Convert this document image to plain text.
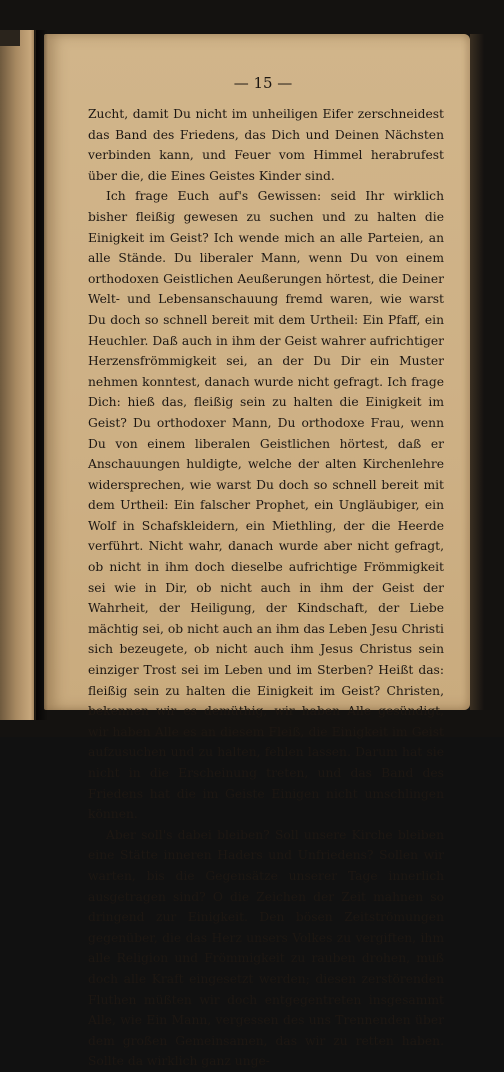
— 15 —

Zucht, damit Du nicht im unheiligen Eifer zerschneidest das Band des Friedens, das Dich und Deinen Nächsten verbinden kann, und Feuer vom Himmel herabrufest über die, die Eines Geistes Kinder sind.

Ich frage Euch auf's Gewissen: seid Ihr wirklich bisher fleißig gewesen zu suchen und zu halten die Einigkeit im Geist? Ich wende mich an alle Parteien, an alle Stände. Du liberaler Mann, wenn Du von einem orthodoxen Geistlichen Aeußerungen hörtest, die Deiner Welt- und Lebensanschauung fremd waren, wie warst Du doch so schnell bereit mit dem Urtheil: Ein Pfaff, ein Heuchler. Daß auch in ihm der Geist wahrer aufrichtiger Herzensfrömmigkeit sei, an der Du Dir ein Muster nehmen konntest, danach wurde nicht gefragt. Ich frage Dich: hieß das, fleißig sein zu halten die Einigkeit im Geist? Du orthodoxer Mann, Du orthodoxe Frau, wenn Du von einem liberalen Geistlichen hörtest, daß er Anschauungen huldigte, welche der alten Kirchenlehre widersprechen, wie warst Du doch so schnell bereit mit dem Urtheil: Ein falscher Prophet, ein Ungläubiger, ein Wolf in Schafskleidern, ein Miethling, der die Heerde verführt. Nicht wahr, danach wurde aber nicht gefragt, ob nicht in ihm doch dieselbe aufrichtige Frömmigkeit sei wie in Dir, ob nicht auch in ihm der Geist der Wahrheit, der Heiligung, der Kindschaft, der Liebe mächtig sei, ob nicht auch an ihm das Leben Jesu Christi sich bezeugete, ob nicht auch ihm Jesus Christus sein einziger Trost sei im Leben und im Sterben? Heißt das: fleißig sein zu halten die Einigkeit im Geist? Christen, bekennen wir es demüthig, wir haben Alle gesündigt, wir haben Alle es an diesem Fleiß, die Einigkeit im Geist aufzusuchen und zu halten, fehlen lassen. Darum hat sie nicht in die Erscheinung treten, und das Band des Friedens hat die im Geiste Einigen nicht umschlingen können.

Aber soll's dabei bleiben? Soll unsere Kirche bleiben eine Stätte inneren Haders und Unfriedens? Sollen wir warten, bis die Gegensätze unserer Tage innerlich ausgetragen sind? O die Zeichen der Zeit mahnen so dringend zur Einigkeit. Den bösen Zeitströmungen gegenüber, die das Herz unsers Volkes zu vergiften, ihm alle Religion und Frömmigkeit zu rauben drohen, muß doch alle Kraft eingesetzt werden; diesen zerstörenden Fluthen müßten wir doch entgegentreten insgesammt Alle, wie Ein Mann, vergessen des uns Trennenden über dem großen Gemeinsamen, das wir zu retten haben. Sollte da wirklich ganz unge-
